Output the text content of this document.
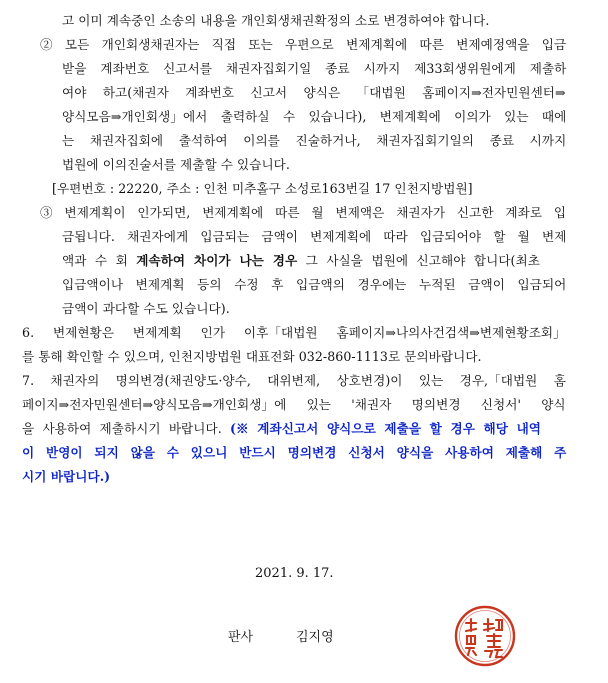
고 이미 계속중인 소송의 내용을 개인회생채권확정의 소로 변경하여야 합니다.
② 모든 개인회생채권자는 직접 또는 우편으로 변제계획에 따른 변제예정액을 입금
받을 계좌번호 신고서를 채권자집회기일 종료 시까지 제33회생위원에게 제출하
여야 하고(채권자 계좌번호 신고서 양식은 「대법원 홈페이지⇒전자민원센터⇒
양식모음⇒개인회생」에서 출력하실 수 있습니다), 변제계획에 이의가 있는 때에
는 채권자집회에 출석하여 이의를 진술하거나, 채권자집회기일의 종료 시까지
법원에 이의진술서를 제출할 수 있습니다.
[우편번호 : 22220, 주소 : 인천 미추홀구 소성로163번길 17 인천지방법원]
③ 변제계획이 인가되면, 변제계획에 따른 월 변제액은 채권자가 신고한 계좌로 입
금됩니다. 채권자에게 입금되는 금액이 변제계획에 따라 입금되어야 할 월 변제
액과 수 회 계속하여 차이가 나는 경우 그 사실을 법원에 신고해야 합니다(최초
입금액이나 변제계획 등의 수정 후 입금액의 경우에는 누적된 금액이 입금되어
금액이 과다할 수도 있습니다).
6. 변제현황은 변제계획 인가 이후「대법원 홈페이지⇒나의사건검색⇒변제현황조회」
를 통해 확인할 수 있으며, 인천지방법원 대표전화 032-860-1113로 문의바랍니다.
7. 채권자의 명의변경(채권양도·양수, 대위변제, 상호변경)이 있는 경우,「대법원 홈
페이지⇒전자민원센터⇒양식모음⇒개인회생」에 있는 '채권자 명의변경 신청서' 양식
을 사용하여 제출하시기 바랍니다. (※ 계좌신고서 양식으로 제출을 할 경우 해당 내역
이 반영이 되지 않을 수 있으니 반드시 명의변경 신청서 양식을 사용하여 제출해 주
시기 바랍니다.)
2021. 9. 17.
판사	김지영
